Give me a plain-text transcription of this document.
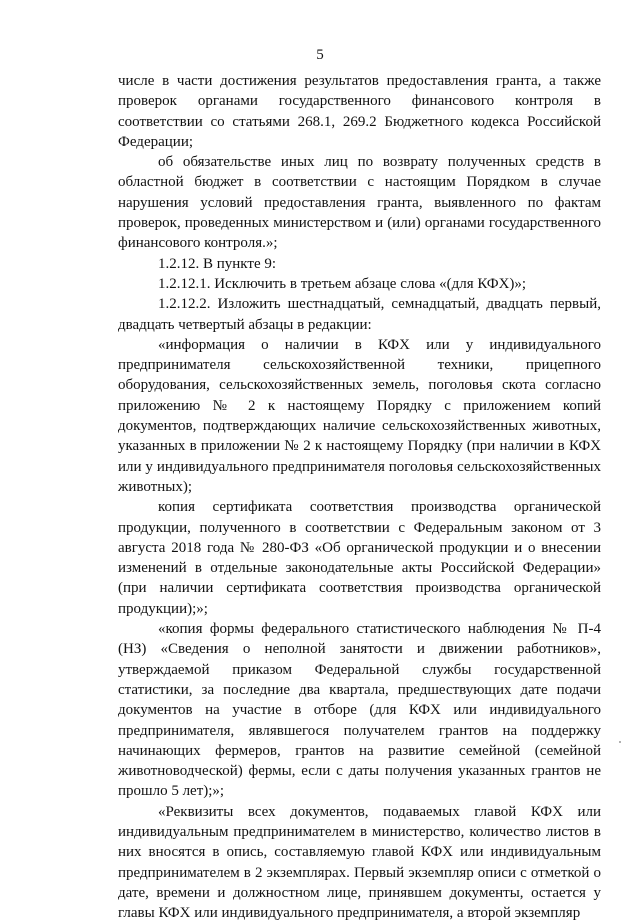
5

числе в части достижения результатов предоставления гранта, а также проверок органами государственного финансового контроля в соответствии со статьями 268.1, 269.2 Бюджетного кодекса Российской Федерации;

об обязательстве иных лиц по возврату полученных средств в областной бюджет в соответствии с настоящим Порядком в случае нарушения условий предоставления гранта, выявленного по фактам проверок, проведенных министерством и (или) органами государственного финансового контроля.»;

1.2.12. В пункте 9:

1.2.12.1. Исключить в третьем абзаце слова «(для КФХ)»;

1.2.12.2. Изложить шестнадцатый, семнадцатый, двадцать первый, двадцать четвертый абзацы в редакции:

«информация о наличии в КФХ или у индивидуального предпринимателя сельскохозяйственной техники, прицепного оборудования, сельскохозяйственных земель, поголовья скота согласно приложению № 2 к настоящему Порядку с приложением копий документов, подтверждающих наличие сельскохозяйственных животных, указанных в приложении № 2 к настоящему Порядку (при наличии в КФХ или у индивидуального предпринимателя поголовья сельскохозяйственных животных);

копия сертификата соответствия производства органической продукции, полученного в соответствии с Федеральным законом от 3 августа 2018 года № 280-ФЗ «Об органической продукции и о внесении изменений в отдельные законодательные акты Российской Федерации» (при наличии сертификата соответствия производства органической продукции);»;

«копия формы федерального статистического наблюдения № П-4 (НЗ) «Сведения о неполной занятости и движении работников», утверждаемой приказом Федеральной службы государственной статистики, за последние два квартала, предшествующих дате подачи документов на участие в отборе (для КФХ или индивидуального предпринимателя, являвшегося получателем грантов на поддержку начинающих фермеров, грантов на развитие семейной (семейной животноводческой) фермы, если с даты получения указанных грантов не прошло 5 лет);»;

«Реквизиты всех документов, подаваемых главой КФХ или индивидуальным предпринимателем в министерство, количество листов в них вносятся в опись, составляемую главой КФХ или индивидуальным предпринимателем в 2 экземплярах. Первый экземпляр описи с отметкой о дате, времени и должностном лице, принявшем документы, остается у главы КФХ или индивидуального предпринимателя, а второй экземпляр
